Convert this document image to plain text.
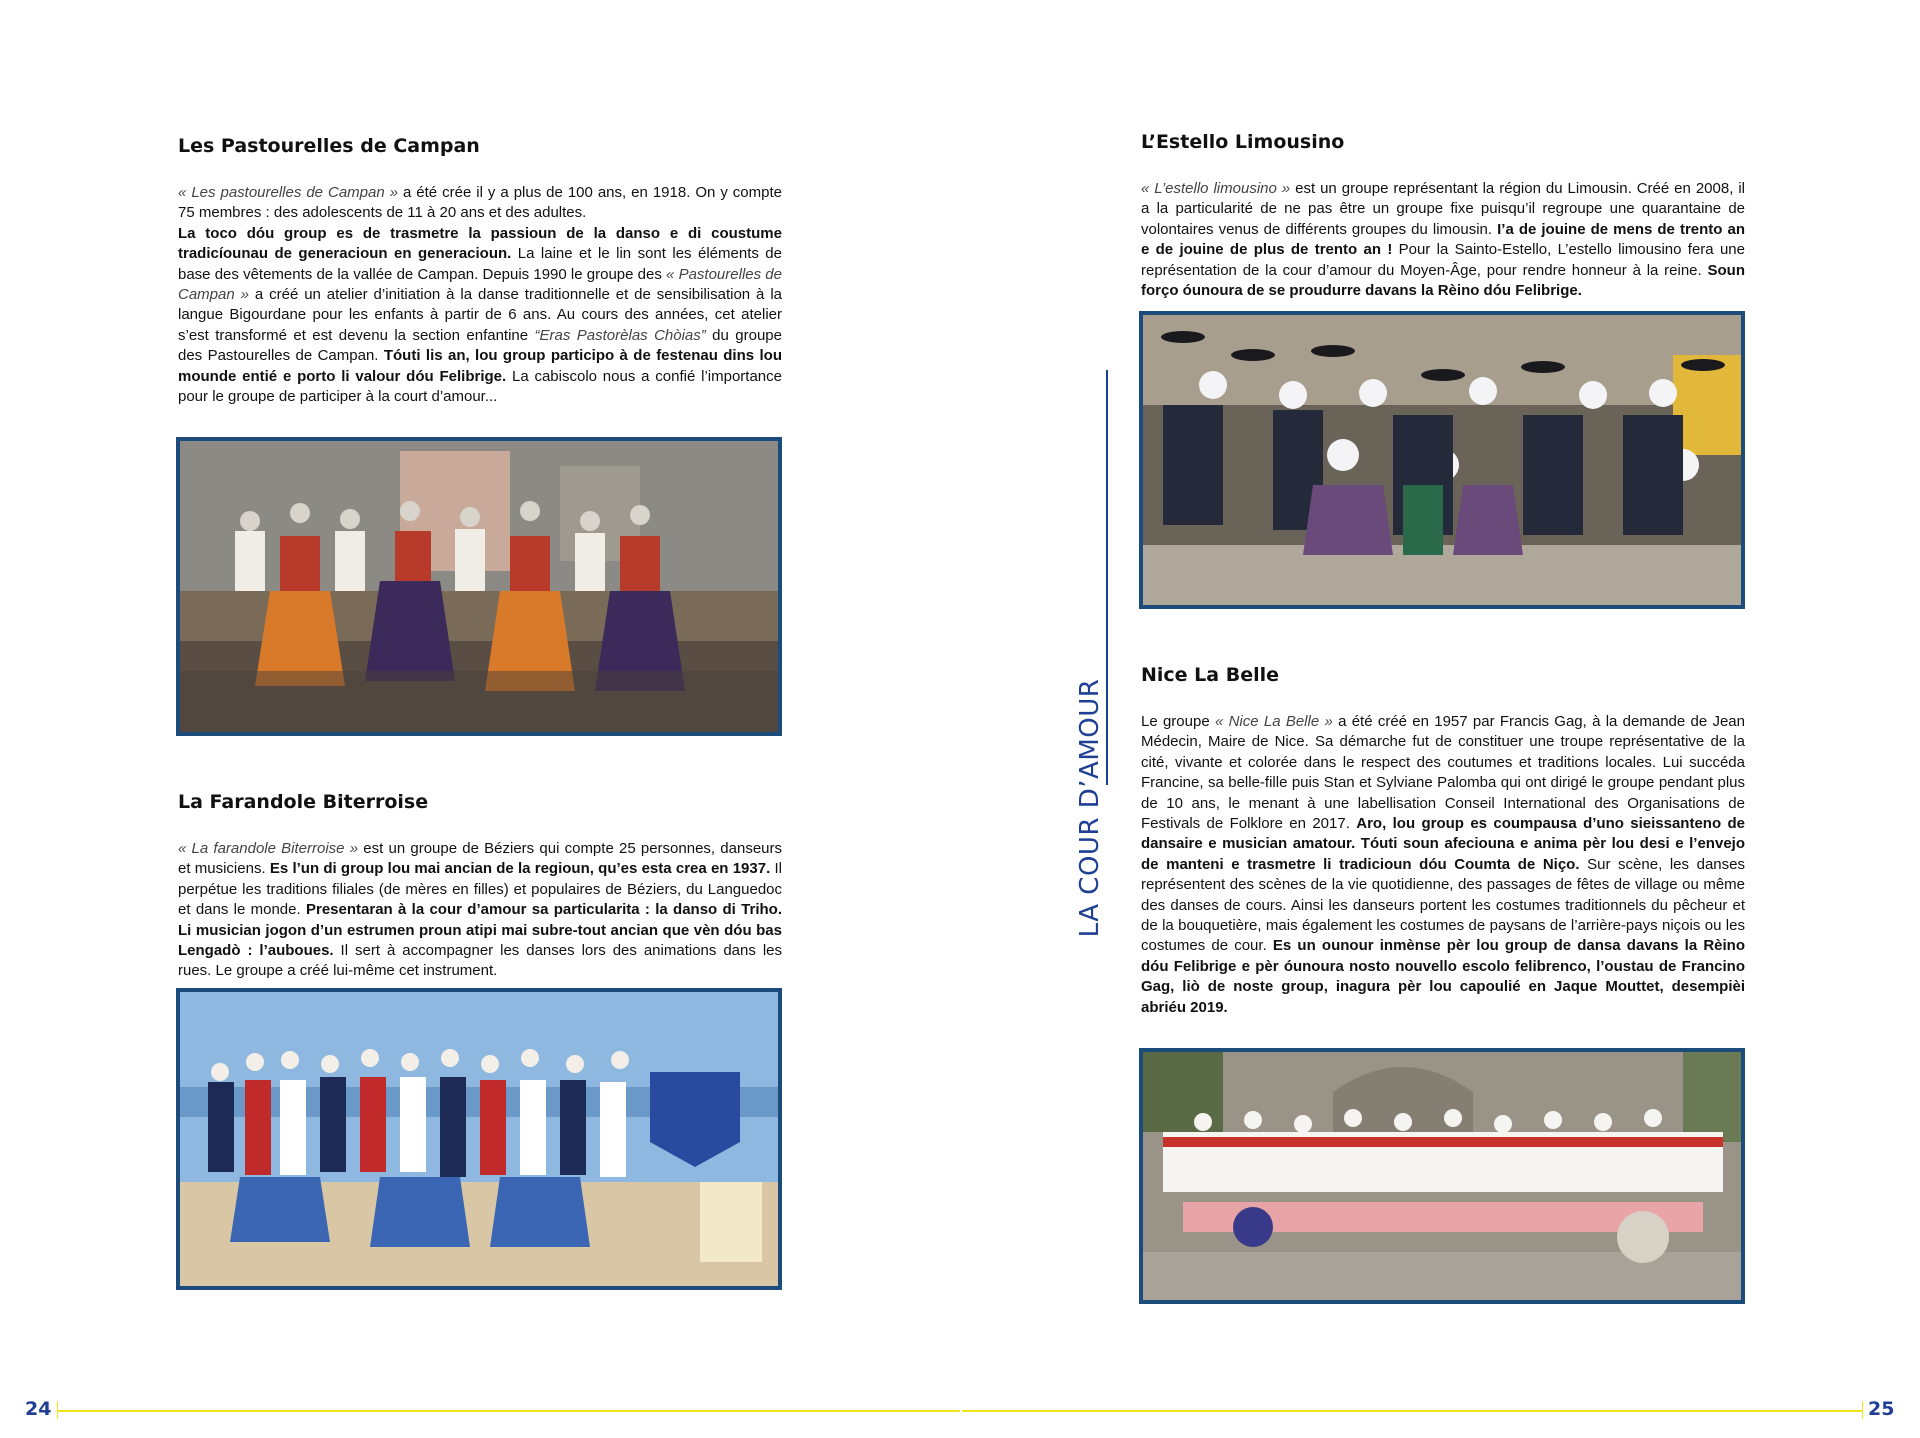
Les Pastourelles de Campan

« Les pastourelles de Campan » a été crée il y a plus de 100 ans, en 1918. On y compte 75 membres : des adolescents de 11 à 20 ans et des adultes.
La toco dóu group es de trasmetre la passioun de la danso e di coustume tradicíounau de generacioun en generacioun. La laine et le lin sont les éléments de base des vêtements de la vallée de Campan. Depuis 1990 le groupe des « Pastourelles de Campan » a créé un atelier d’initiation à la danse traditionnelle et de sensibilisation à la langue Bigourdane pour les enfants à partir de 6 ans. Au cours des années, cet atelier s’est transformé et est devenu la section enfantine “Eras Pastorèlas Chòias” du groupe des Pastourelles de Campan. Tóuti lis an, lou group participo à de festenau dins lou mounde entié e porto li valour dóu Felibrige. La cabiscolo nous a confié l’importance pour le groupe de participer à la court d’amour...

La Farandole Biterroise

« La farandole Biterroise » est un groupe de Béziers qui compte 25 personnes, danseurs et musiciens. Es l’un di group lou mai ancian de la regioun, qu’es esta crea en 1937. Il perpétue les traditions filiales (de mères en filles) et populaires de Béziers, du Languedoc et dans le monde. Presentaran à la cour d’amour sa particularita : la danso di Triho. Li musician jogon d’un estrumen proun atipi mai subre-tout ancian que vèn dóu bas Lengadò : l’auboues. Il sert à accompagner les danses lors des animations dans les rues. Le groupe a créé lui-même cet instrument.

24
L’Estello Limousino

« L’estello limousino » est un groupe représentant la région du Limousin. Créé en 2008, il a la particularité de ne pas être un groupe fixe puisqu’il regroupe une quarantaine de volontaires venus de différents groupes du limousin. I’a de jouine de mens de trento an e de jouine de plus de trento an ! Pour la Sainto-Estello, L’estello limousino fera une représentation de la cour d’amour du Moyen-Âge, pour rendre honneur à la reine. Soun forço óunoura de se proudurre davans la Rèino dóu Felibrige.

Nice La Belle

Le groupe « Nice La Belle » a été créé en 1957 par Francis Gag, à la demande de Jean Médecin, Maire de Nice. Sa démarche fut de constituer une troupe représentative de la cité, vivante et colorée dans le respect des coutumes et traditions locales. Lui succéda Francine, sa belle-fille puis Stan et Sylviane Palomba qui ont dirigé le groupe pendant plus de 10 ans, le menant à une labellisation Conseil International des Organisations de Festivals de Folklore en 2017. Aro, lou group es coumpausa d’uno sieissanteno de dansaire e musician amatour. Tóuti soun afeciouna e anima pèr lou desi e l’envejo de manteni e trasmetre li tradicioun dóu Coumta de Niço. Sur scène, les danses représentent des scènes de la vie quotidienne, des passages de fêtes de village ou même des danses de cours. Ainsi les danseurs portent les costumes traditionnels du pêcheur et de la bouquetière, mais également les costumes de paysans de l’arrière-pays niçois ou les costumes de cour. Es un ounour inmènse pèr lou group de dansa davans la Rèino dóu Felibrige e pèr óunoura nosto nouvello escolo felibrenco, l’oustau de Francino Gag, liò de noste group, inagura pèr lou capoulié en Jaque Mouttet, desempièi abriéu 2019.

25
LA COUR D’AMOUR
